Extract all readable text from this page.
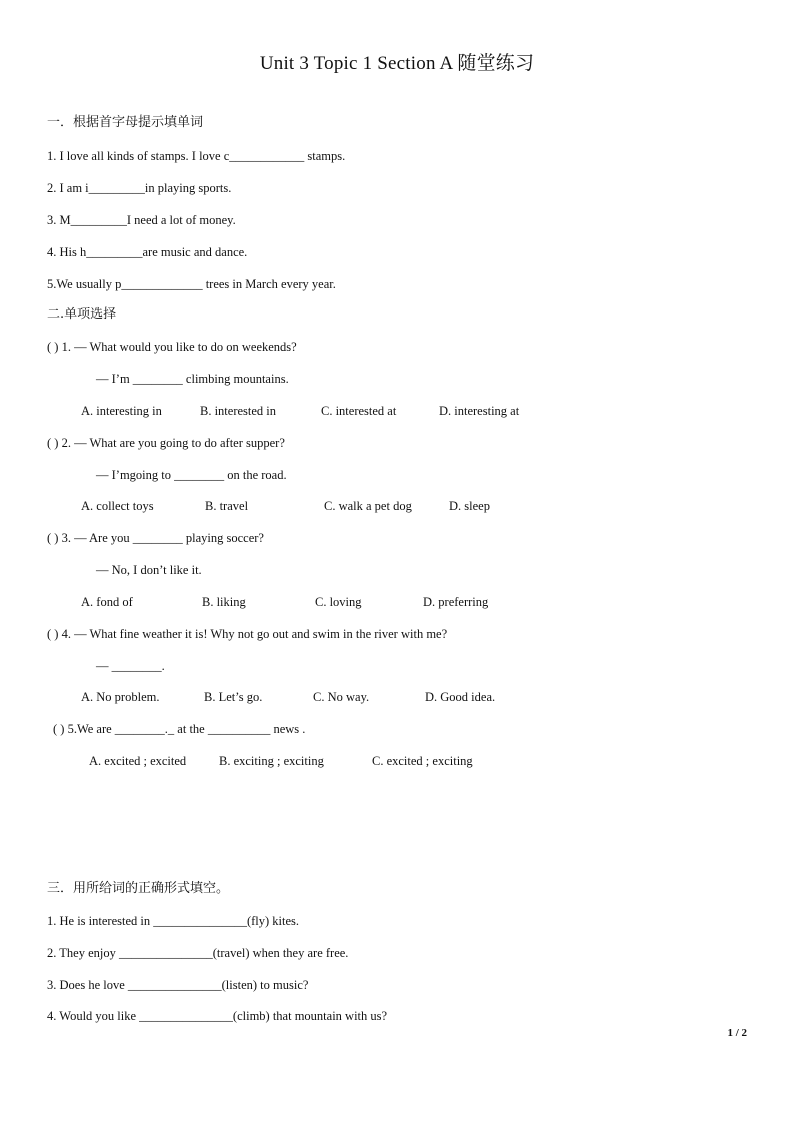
Unit 3 Topic 1 Section A 随堂练习
一．根据首字母提示填单词
1. I love all kinds of stamps. I love c____________ stamps.
2. I am i_________in playing sports.
3. M_________I need a lot of money.
4. His h_________are music and dance.
5.We usually p_____________ trees in March every year.
二.单项选择
( ) 1. — What would you like to do on weekends?
— I’m ________ climbing mountains.
A. interesting in	B. interested in	C. interested at	D. interesting at
( ) 2. — What are you going to do after supper?
— I’mgoing to ________ on the road.
A. collect toys	B. travel	C. walk a pet dog	D. sleep
( ) 3. — Are you ________ playing soccer?
— No, I don’t like it.
A. fond of	B. liking	C. loving	D. preferring
( ) 4. — What fine weather it is! Why not go out and swim in the river with me?
— ________.
A. No problem.	B. Let’s go.	C. No way.	D. Good idea.
( ) 5.We are ________._ at the __________ news .
A. excited ; excited	B. exciting ; exciting	C. excited ; exciting
三．用所给词的正确形式填空。
1. He is interested in _______________(fly) kites.
2. They enjoy _______________(travel) when they are free.
3. Does he love _______________(listen) to music?
4. Would you like _______________(climb) that mountain with us?
1 / 2
